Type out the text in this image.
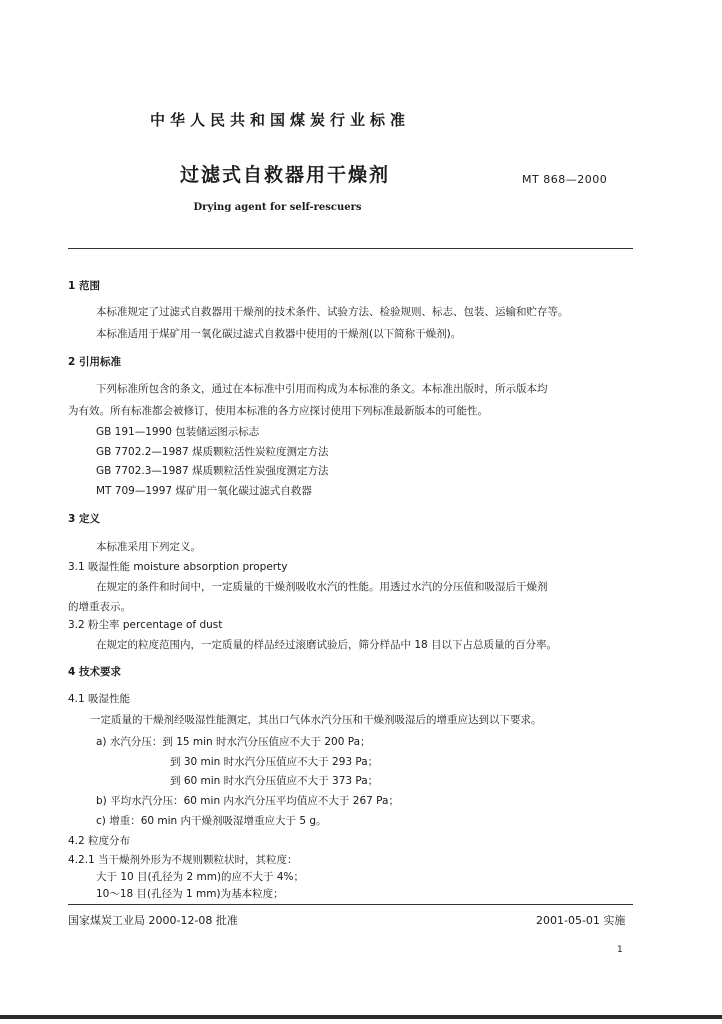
中华人民共和国煤炭行业标准
过滤式自救器用干燥剂	MT 868—2000
Drying agent for self-rescuers
1 范围
本标准规定了过滤式自救器用干燥剂的技术条件、试验方法、检验规则、标志、包装、运输和贮存等。
本标准适用于煤矿用一氧化碳过滤式自救器中使用的干燥剂(以下简称干燥剂)。
2 引用标准
下列标准所包含的条文，通过在本标准中引用而构成为本标准的条文。本标准出版时，所示版本均
为有效。所有标准都会被修订，使用本标准的各方应探讨使用下列标准最新版本的可能性。
GB 191—1990 包装储运图示标志
GB 7702.2—1987 煤质颗粒活性炭粒度测定方法
GB 7702.3—1987 煤质颗粒活性炭强度测定方法
MT 709—1997 煤矿用一氧化碳过滤式自救器
3 定义
本标准采用下列定义。
3.1 吸湿性能 moisture absorption property
在规定的条件和时间中，一定质量的干燥剂吸收水汽的性能。用透过水汽的分压值和吸湿后干燥剂
的增重表示。
3.2 粉尘率 percentage of dust
在规定的粒度范围内，一定质量的样品经过滚磨试验后，筛分样品中 18 目以下占总质量的百分率。
4 技术要求
4.1 吸湿性能
一定质量的干燥剂经吸湿性能测定，其出口气体水汽分压和干燥剂吸湿后的增重应达到以下要求。
a) 水汽分压：到 15 min 时水汽分压值应不大于 200 Pa；
到 30 min 时水汽分压值应不大于 293 Pa；
到 60 min 时水汽分压值应不大于 373 Pa；
b) 平均水汽分压：60 min 内水汽分压平均值应不大于 267 Pa；
c) 增重：60 min 内干燥剂吸湿增重应大于 5 g。
4.2 粒度分布
4.2.1 当干燥剂外形为不规则颗粒状时，其粒度：
大于 10 目(孔径为 2 mm)的应不大于 4%；
10～18 目(孔径为 1 mm)为基本粒度；
国家煤炭工业局 2000-12-08 批准	2001-05-01 实施
1
